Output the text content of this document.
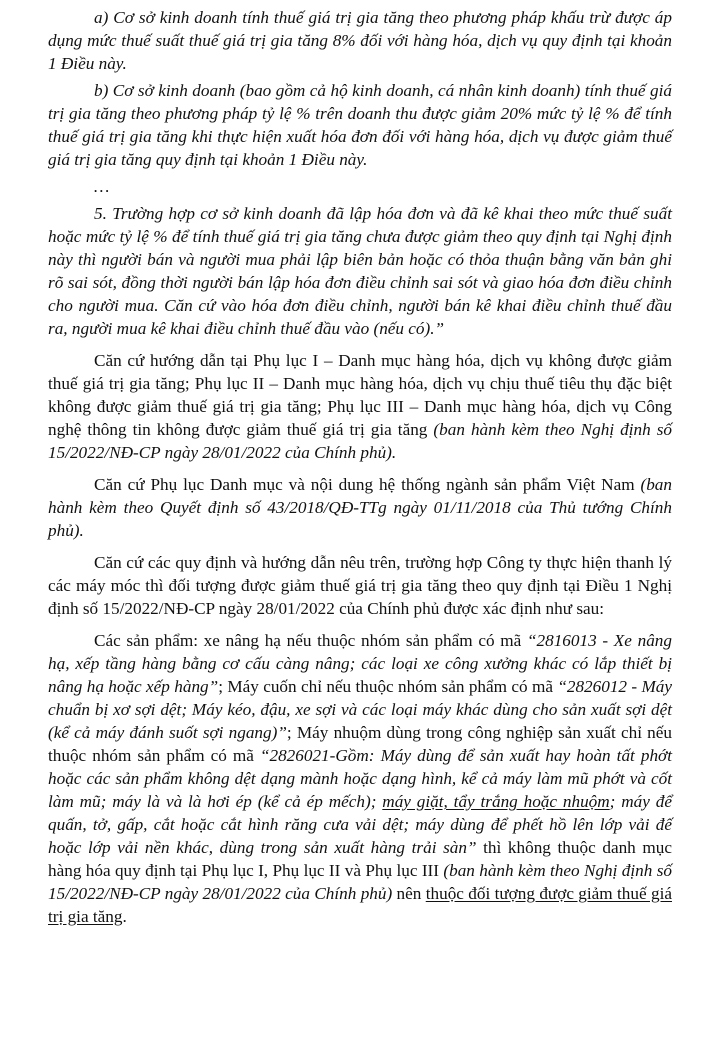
a) Cơ sở kinh doanh tính thuế giá trị gia tăng theo phương pháp khấu trừ được áp dụng mức thuế suất thuế giá trị gia tăng 8% đối với hàng hóa, dịch vụ quy định tại khoản 1 Điều này.

b) Cơ sở kinh doanh (bao gồm cả hộ kinh doanh, cá nhân kinh doanh) tính thuế giá trị gia tăng theo phương pháp tỷ lệ % trên doanh thu được giảm 20% mức tỷ lệ % để tính thuế giá trị gia tăng khi thực hiện xuất hóa đơn đối với hàng hóa, dịch vụ được giảm thuế giá trị gia tăng quy định tại khoản 1 Điều này.

…

5. Trường hợp cơ sở kinh doanh đã lập hóa đơn và đã kê khai theo mức thuế suất hoặc mức tỷ lệ % để tính thuế giá trị gia tăng chưa được giảm theo quy định tại Nghị định này thì người bán và người mua phải lập biên bản hoặc có thỏa thuận bằng văn bản ghi rõ sai sót, đồng thời người bán lập hóa đơn điều chỉnh sai sót và giao hóa đơn điều chỉnh cho người mua. Căn cứ vào hóa đơn điều chỉnh, người bán kê khai điều chỉnh thuế đầu ra, người mua kê khai điều chỉnh thuế đầu vào (nếu có).”

Căn cứ hướng dẫn tại Phụ lục I – Danh mục hàng hóa, dịch vụ không được giảm thuế giá trị gia tăng; Phụ lục II – Danh mục hàng hóa, dịch vụ chịu thuế tiêu thụ đặc biệt không được giảm thuế giá trị gia tăng; Phụ lục III – Danh mục hàng hóa, dịch vụ Công nghệ thông tin không được giảm thuế giá trị gia tăng (ban hành kèm theo Nghị định số 15/2022/NĐ-CP ngày 28/01/2022 của Chính phủ).

Căn cứ Phụ lục Danh mục và nội dung hệ thống ngành sản phẩm Việt Nam (ban hành kèm theo Quyết định số 43/2018/QĐ-TTg ngày 01/11/2018 của Thủ tướng Chính phủ).

Căn cứ các quy định và hướng dẫn nêu trên, trường hợp Công ty thực hiện thanh lý các máy móc thì đối tượng được giảm thuế giá trị gia tăng theo quy định tại Điều 1 Nghị định số 15/2022/NĐ-CP ngày 28/01/2022 của Chính phủ được xác định như sau:

Các sản phẩm: xe nâng hạ nếu thuộc nhóm sản phẩm có mã “2816013 - Xe nâng hạ, xếp tầng hàng bằng cơ cấu càng nâng; các loại xe công xưởng khác có lắp thiết bị nâng hạ hoặc xếp hàng”; Máy cuốn chỉ nếu thuộc nhóm sản phẩm có mã “2826012 - Máy chuẩn bị xơ sợi dệt; Máy kéo, đậu, xe sợi và các loại máy khác dùng cho sản xuất sợi dệt (kể cả máy đánh suốt sợi ngang)”; Máy nhuộm dùng trong công nghiệp sản xuất chỉ nếu thuộc nhóm sản phẩm có mã “2826021-Gồm: Máy dùng để sản xuất hay hoàn tất phớt hoặc các sản phẩm không dệt dạng mành hoặc dạng hình, kể cả máy làm mũ phớt và cốt làm mũ; máy là và là hơi ép (kể cả ép mếch); máy giặt, tẩy trắng hoặc nhuộm; máy để quấn, tở, gấp, cắt hoặc cắt hình răng cưa vải dệt; máy dùng để phết hồ lên lớp vải đế hoặc lớp vải nền khác, dùng trong sản xuất hàng trải sàn” thì không thuộc danh mục hàng hóa quy định tại Phụ lục I, Phụ lục II và Phụ lục III (ban hành kèm theo Nghị định số 15/2022/NĐ-CP ngày 28/01/2022 của Chính phủ) nên thuộc đối tượng được giảm thuế giá trị gia tăng.
